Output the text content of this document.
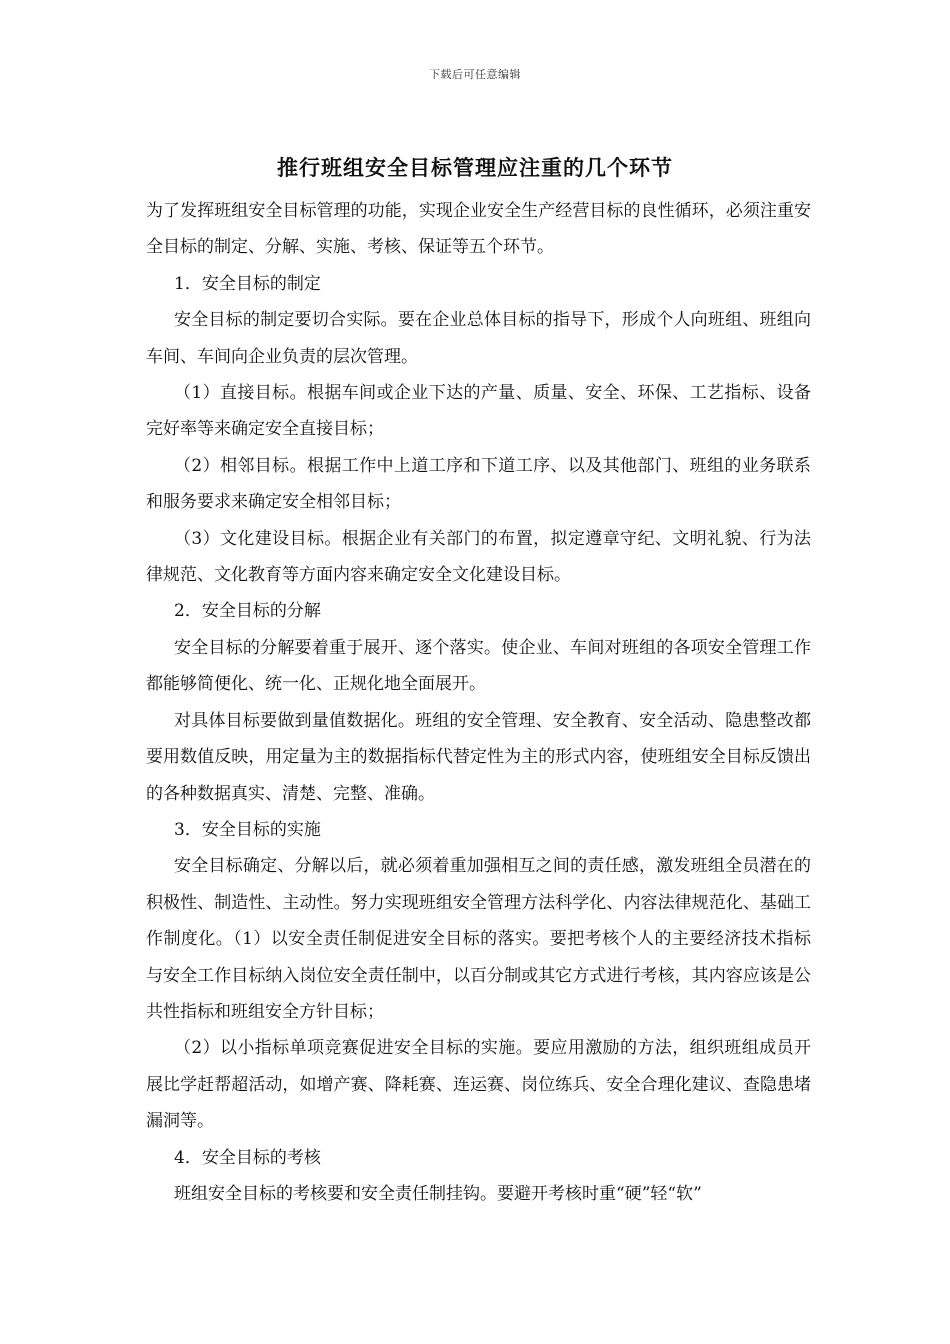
下载后可任意编辑
推行班组安全目标管理应注重的几个环节

为了发挥班组安全目标管理的功能，实现企业安全生产经营目标的良性循环，必须注重安全目标的制定、分解、实施、考核、保证等五个环节。

1．安全目标的制定

安全目标的制定要切合实际。要在企业总体目标的指导下，形成个人向班组、班组向车间、车间向企业负责的层次管理。

（1）直接目标。根据车间或企业下达的产量、质量、安全、环保、工艺指标、设备完好率等来确定安全直接目标；

（2）相邻目标。根据工作中上道工序和下道工序、以及其他部门、班组的业务联系和服务要求来确定安全相邻目标；

（3）文化建设目标。根据企业有关部门的布置，拟定遵章守纪、文明礼貌、行为法律规范、文化教育等方面内容来确定安全文化建设目标。

2．安全目标的分解

安全目标的分解要着重于展开、逐个落实。使企业、车间对班组的各项安全管理工作都能够简便化、统一化、正规化地全面展开。

对具体目标要做到量值数据化。班组的安全管理、安全教育、安全活动、隐患整改都要用数值反映，用定量为主的数据指标代替定性为主的形式内容，使班组安全目标反馈出的各种数据真实、清楚、完整、准确。

3．安全目标的实施

安全目标确定、分解以后，就必须着重加强相互之间的责任感，激发班组全员潜在的积极性、制造性、主动性。努力实现班组安全管理方法科学化、内容法律规范化、基础工作制度化。（1）以安全责任制促进安全目标的落实。要把考核个人的主要经济技术指标与安全工作目标纳入岗位安全责任制中，以百分制或其它方式进行考核，其内容应该是公共性指标和班组安全方针目标；

（2）以小指标单项竞赛促进安全目标的实施。要应用激励的方法，组织班组成员开展比学赶帮超活动，如增产赛、降耗赛、连运赛、岗位练兵、安全合理化建议、查隐患堵漏洞等。

4．安全目标的考核

班组安全目标的考核要和安全责任制挂钩。要避开考核时重“硬”轻“软”
